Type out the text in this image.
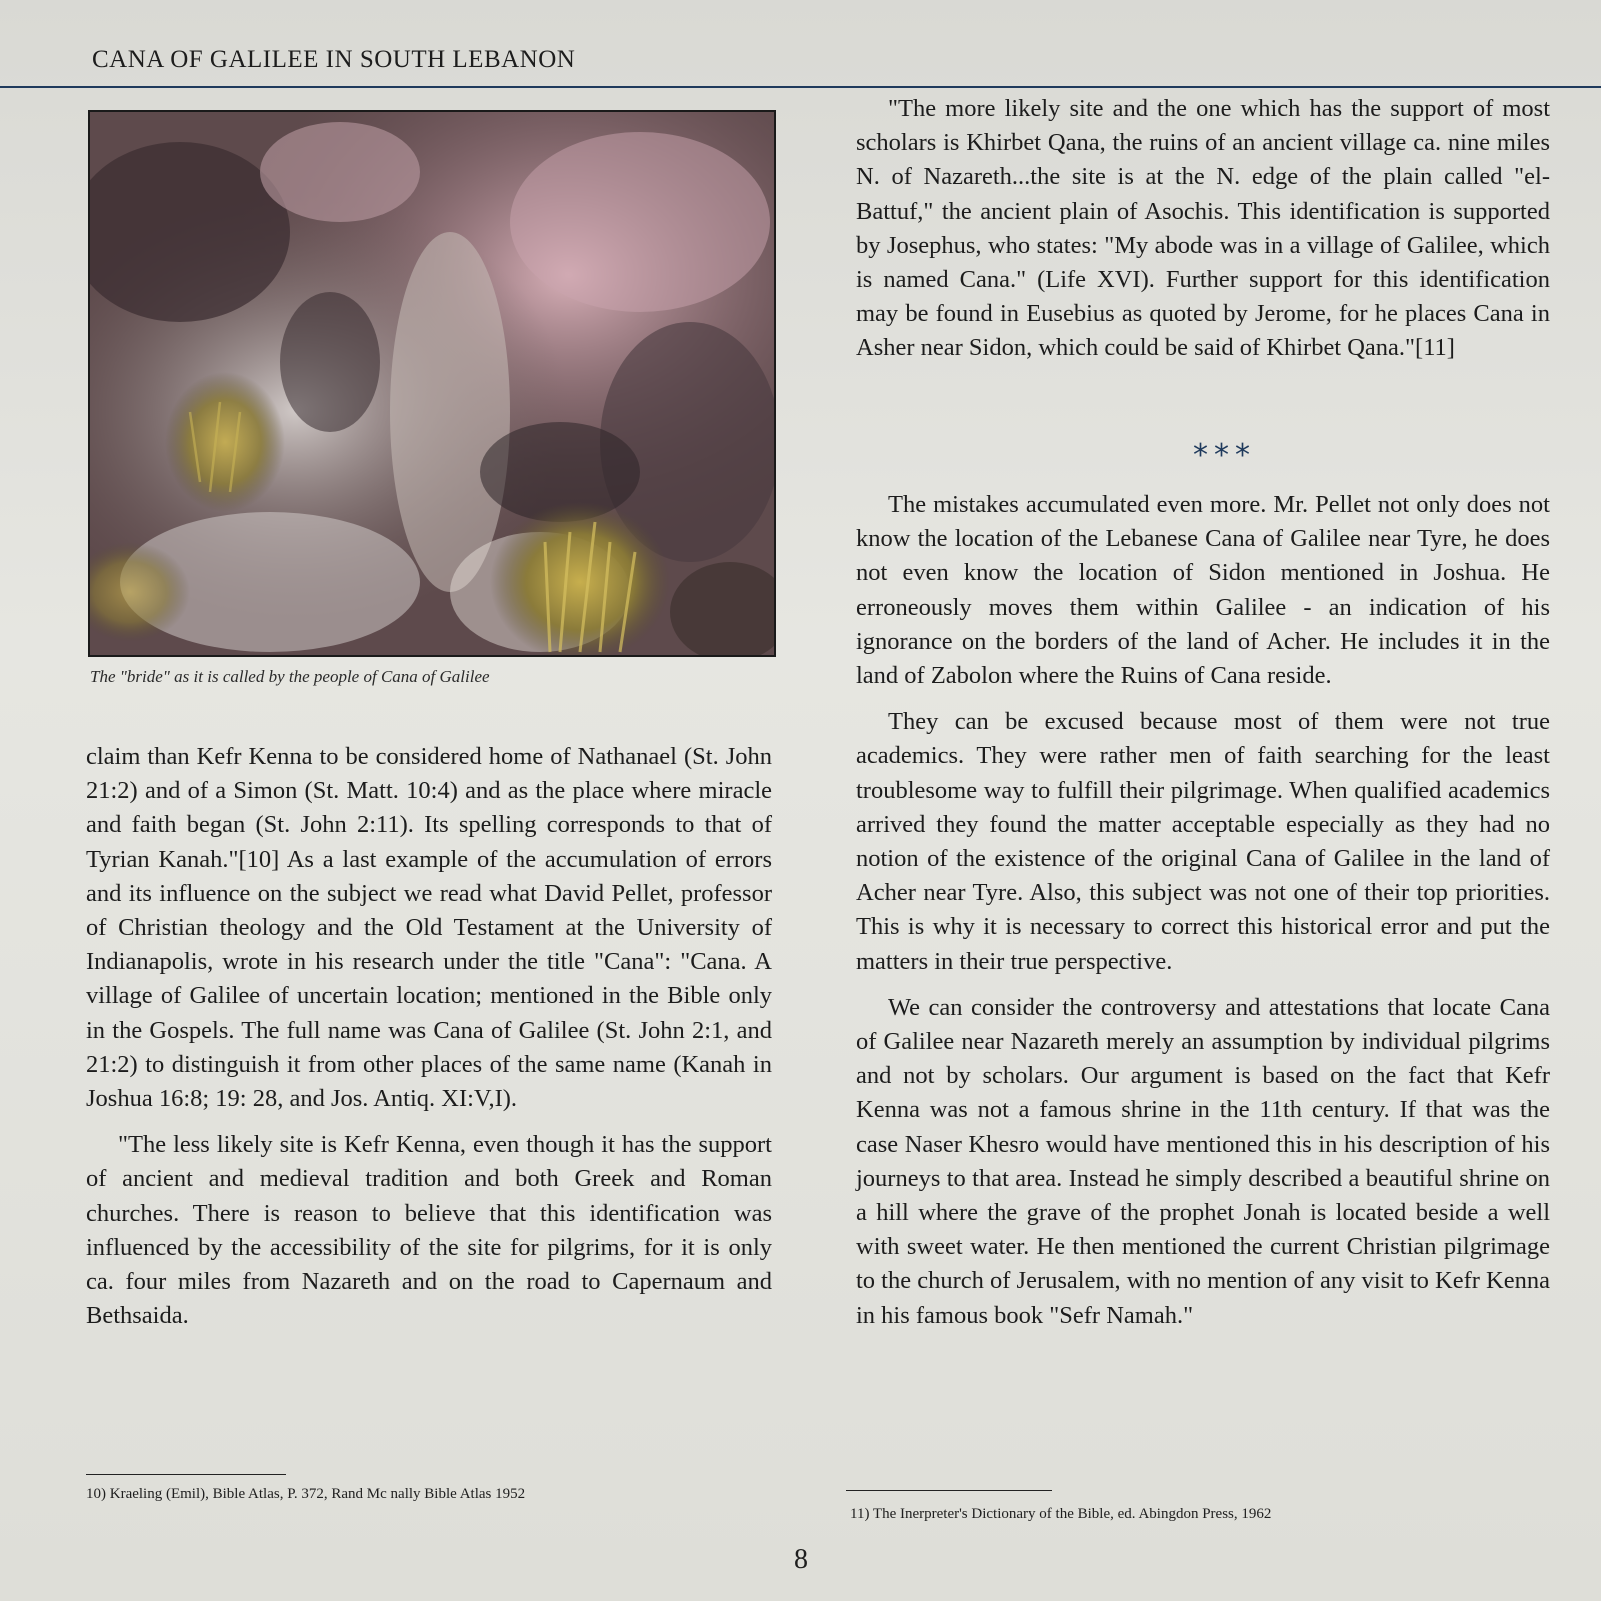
CANA OF GALILEE IN SOUTH LEBANON
The "bride" as it is called by the people of Cana of Galilee

"The more likely site and the one which has the support of most scholars is Khirbet Qana, the ruins of an ancient village ca. nine miles N. of Nazareth...the site is at the N. edge of the plain called "el-Battuf," the ancient plain of Asochis. This identification is supported by Josephus, who states: "My abode was in a village of Galilee, which is named Cana." (Life XVI). Further support for this identification may be found in Eusebius as quoted by Jerome, for he places Cana in Asher near Sidon, which could be said of Khirbet Qana."[11]

***

The mistakes accumulated even more. Mr. Pellet not only does not know the location of the Lebanese Cana of Galilee near Tyre, he does not even know the location of Sidon mentioned in Joshua. He erroneously moves them within Galilee - an indication of his ignorance on the borders of the land of Acher. He includes it in the land of Zabolon where the Ruins of Cana reside.

They can be excused because most of them were not true academics. They were rather men of faith searching for the least troublesome way to fulfill their pilgrimage. When qualified academics arrived they found the matter acceptable especially as they had no notion of the existence of the original Cana of Galilee in the land of Acher near Tyre. Also, this subject was not one of their top priorities. This is why it is necessary to correct this historical error and put the matters in their true perspective.

We can consider the controversy and attestations that locate Cana of Galilee near Nazareth merely an assumption by individual pilgrims and not by scholars. Our argument is based on the fact that Kefr Kenna was not a famous shrine in the 11th century. If that was the case Naser Khesro would have mentioned this in his description of his journeys to that area. Instead he simply described a beautiful shrine on a hill where the grave of the prophet Jonah is located beside a well with sweet water. He then mentioned the current Christian pilgrimage to the church of Jerusalem, with no mention of any visit to Kefr Kenna in his famous book "Sefr Namah."

claim than Kefr Kenna to be considered home of Nathanael (St. John 21:2) and of a Simon (St. Matt. 10:4) and as the place where miracle and faith began (St. John 2:11). Its spelling corresponds to that of Tyrian Kanah."[10] As a last example of the accumulation of errors and its influence on the subject we read what David Pellet, professor of Christian theology and the Old Testament at the University of Indianapolis, wrote in his research under the title "Cana": "Cana. A village of Galilee of uncertain location; mentioned in the Bible only in the Gospels. The full name was Cana of Galilee (St. John 2:1, and 21:2) to distinguish it from other places of the same name (Kanah in Joshua 16:8; 19: 28, and Jos. Antiq. XI:V,I).

"The less likely site is Kefr Kenna, even though it has the support of ancient and medieval tradition and both Greek and Roman churches. There is reason to believe that this identification was influenced by the accessibility of the site for pilgrims, for it is only ca. four miles from Nazareth and on the road to Capernaum and Bethsaida.

10) Kraeling (Emil), Bible Atlas, P. 372, Rand Mc nally Bible Atlas 1952
11) The Inerpreter's Dictionary of the Bible, ed. Abingdon Press, 1962
8
